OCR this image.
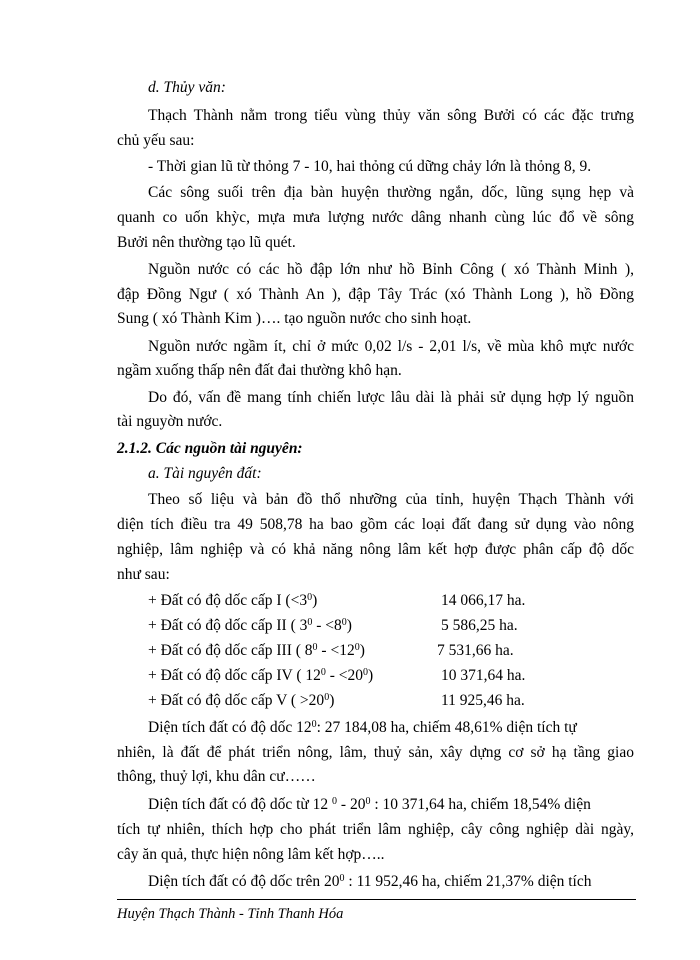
d. Thủy văn:
Thạch Thành nằm trong tiểu vùng thủy văn sông Bưởi có các đặc trưng
chủ yếu sau:
- Thời gian lũ từ thỏng 7 - 10, hai thỏng cú dững chảy lớn là thỏng 8, 9.
Các sông suối trên địa bàn huyện thường ngắn, dốc, lũng sụng hẹp và
quanh co uốn khỳc, mựa mưa lượng nước dâng nhanh cùng lúc đổ về sông
Bưởi nên thường tạo lũ quét.
Nguồn nước có các hồ đập lớn như hồ Bỉnh Công ( xó Thành Minh ),
đập Đồng Ngư ( xó Thành An ), đập Tây Trác (xó Thành Long ), hồ Đồng
Sung ( xó Thành Kim )…. tạo nguồn nước cho sinh hoạt.
Nguồn nước ngầm ít, chỉ ở mức 0,02 l/s - 2,01 l/s, về mùa khô mực nước
ngầm xuống thấp nên đất đai thường khô hạn.
Do đó, vấn đề mang tính chiến lược lâu dài là phải sử dụng hợp lý nguồn
tài nguyờn nước.
2.1.2. Các nguồn tài nguyên:
a. Tài nguyên đất:
Theo số liệu và bản đồ thổ nhưỡng của tỉnh, huyện Thạch Thành với
diện tích điều tra 49 508,78 ha bao gồm các loại đất đang sử dụng vào nông
nghiệp, lâm nghiệp và có khả năng nông lâm kết hợp được phân cấp độ dốc
như sau:
+ Đất có độ dốc cấp I $(<3^0)$	14 066,17 ha.
+ Đất có độ dốc cấp II ( $3^0 - <8^0$)	5 586,25 ha.
+ Đất có độ dốc cấp III ( $8^0 - <12^0$)	7 531,66 ha.
+ Đất có độ dốc cấp IV ( $12^0 - <20^0$)	10 371,64 ha.
+ Đất có độ dốc cấp V ( $>20^0$)	11 925,46 ha.
Diện tích đất có độ dốc $12^0$: 27 184,08 ha, chiếm 48,61% diện tích tự
nhiên, là đất để phát triển nông, lâm, thuỷ sản, xây dựng cơ sở hạ tầng giao
thông, thuỷ lợi, khu dân cư……
Diện tích đất có độ dốc từ 12 $^0 - 20^0$ : 10 371,64 ha, chiếm 18,54% diện
tích tự nhiên, thích hợp cho phát triển lâm nghiệp, cây công nghiệp dài ngày,
cây ăn quả, thực hiện nông lâm kết hợp…..
Huyện Thạch Thành - Tỉnh Thanh Hóa
Diện tích đất có độ dốc trên $20^0$ : 11 952,46 ha, chiếm 21,37% diện tích
